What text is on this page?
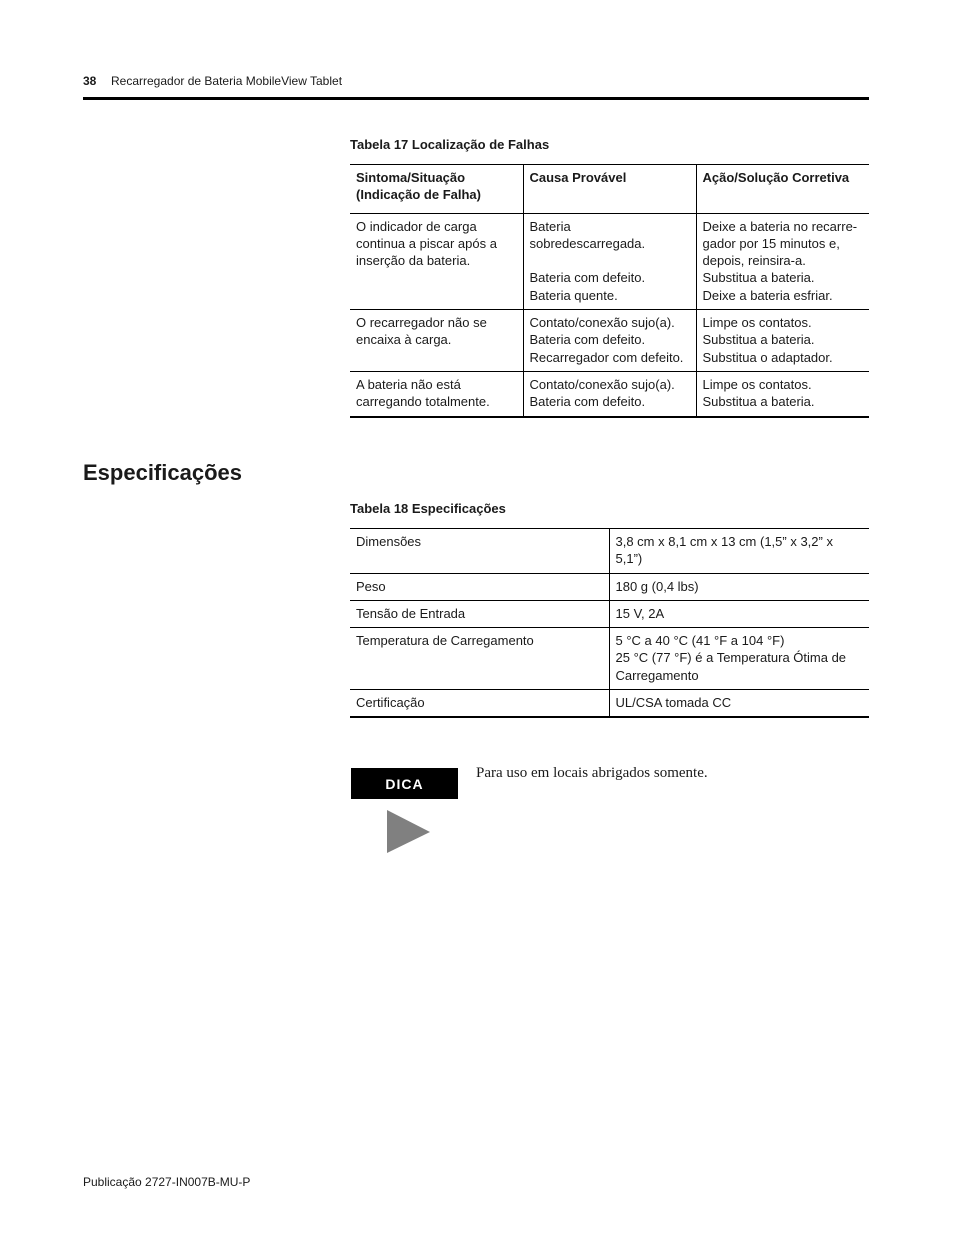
38 Recarregador de Bateria MobileView Tablet
Tabela 17 Localização de Falhas
Sintoma/Situação
(Indicação de Falha)	Causa Provável	Ação/Solução Corretiva
O indicador de carga
continua a piscar após a
inserção da bateria.	Bateria sobredescarregada.

Bateria com defeito.
Bateria quente.	Deixe a bateria no recarre-
gador por 15 minutos e,
depois, reinsira-a.
Substitua a bateria.
Deixe a bateria esfriar.
O recarregador não se
encaixa à carga.	Contato/conexão sujo(a).
Bateria com defeito.
Recarregador com defeito.	Limpe os contatos.
Substitua a bateria.
Substitua o adaptador.
A bateria não está
carregando totalmente.	Contato/conexão sujo(a).
Bateria com defeito.	Limpe os contatos.
Substitua a bateria.
Especificações
Tabela 18 Especificações
Dimensões	3,8 cm x 8,1 cm x 13 cm (1,5” x 3,2” x 5,1”)
Peso	180 g (0,4 lbs)
Tensão de Entrada	15 V, 2A
Temperatura de Carregamento	5 °C a 40 °C (41 °F a 104 °F)
25 °C (77 °F) é a Temperatura Ótima de
Carregamento
Certificação	UL/CSA tomada CC
DICA
Para uso em locais abrigados somente.
Publicação 2727-IN007B-MU-P
